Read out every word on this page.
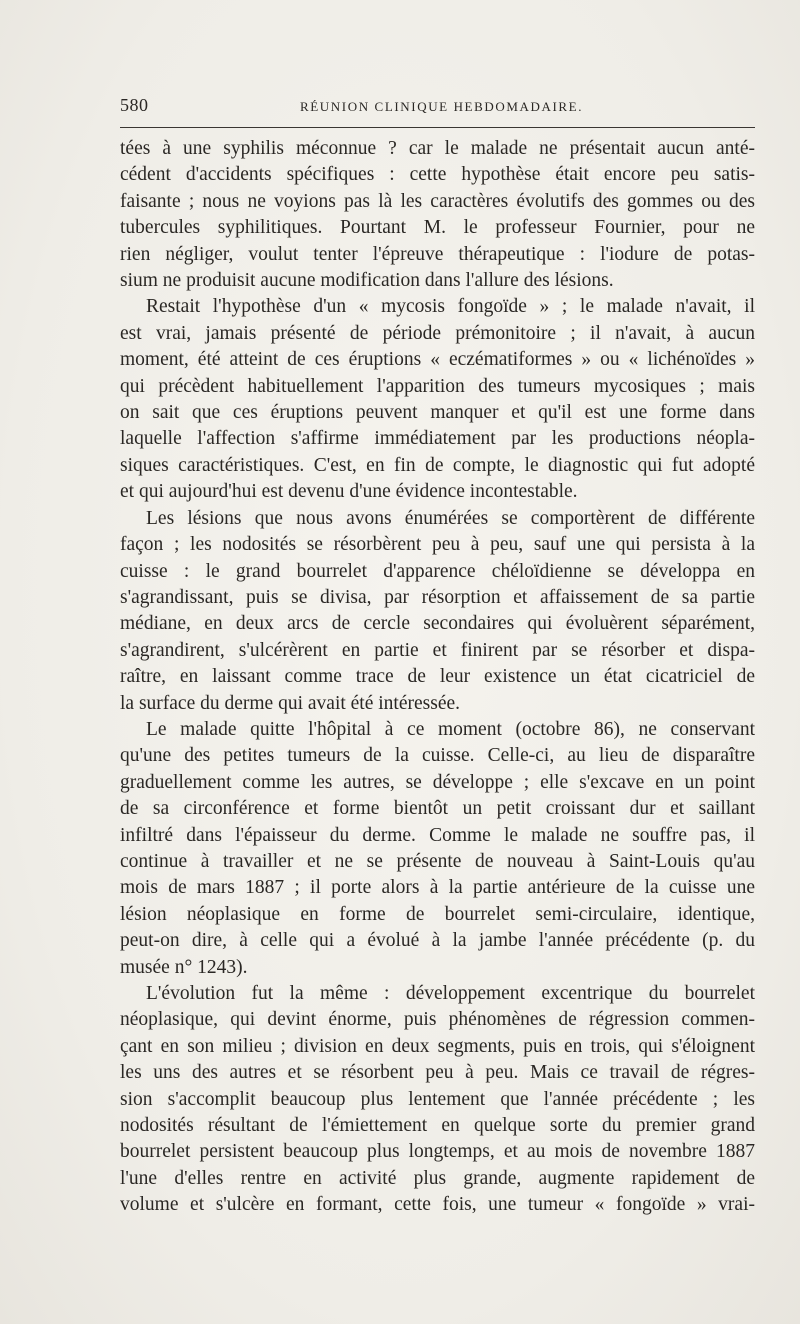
580	RÉUNION CLINIQUE HEBDOMADAIRE.
tées à une syphilis méconnue ? car le malade ne présentait aucun anté-
cédent d'accidents spécifiques : cette hypothèse était encore peu satis-
faisante ; nous ne voyions pas là les caractères évolutifs des gommes ou des
tubercules syphilitiques. Pourtant M. le professeur Fournier, pour ne
rien négliger, voulut tenter l'épreuve thérapeutique : l'iodure de potas-
sium ne produisit aucune modification dans l'allure des lésions.
Restait l'hypothèse d'un « mycosis fongoïde » ; le malade n'avait, il
est vrai, jamais présenté de période prémonitoire ; il n'avait, à aucun
moment, été atteint de ces éruptions « eczématiformes » ou « lichénoïdes »
qui précèdent habituellement l'apparition des tumeurs mycosiques ; mais
on sait que ces éruptions peuvent manquer et qu'il est une forme dans
laquelle l'affection s'affirme immédiatement par les productions néopla-
siques caractéristiques. C'est, en fin de compte, le diagnostic qui fut adopté
et qui aujourd'hui est devenu d'une évidence incontestable.
Les lésions que nous avons énumérées se comportèrent de différente
façon ; les nodosités se résorbèrent peu à peu, sauf une qui persista à la
cuisse : le grand bourrelet d'apparence chéloïdienne se développa en
s'agrandissant, puis se divisa, par résorption et affaissement de sa partie
médiane, en deux arcs de cercle secondaires qui évoluèrent séparément,
s'agrandirent, s'ulcérèrent en partie et finirent par se résorber et dispa-
raître, en laissant comme trace de leur existence un état cicatriciel de
la surface du derme qui avait été intéressée.
Le malade quitte l'hôpital à ce moment (octobre 86), ne conservant
qu'une des petites tumeurs de la cuisse. Celle-ci, au lieu de disparaître
graduellement comme les autres, se développe ; elle s'excave en un point
de sa circonférence et forme bientôt un petit croissant dur et saillant
infiltré dans l'épaisseur du derme. Comme le malade ne souffre pas, il
continue à travailler et ne se présente de nouveau à Saint-Louis qu'au
mois de mars 1887 ; il porte alors à la partie antérieure de la cuisse une
lésion néoplasique en forme de bourrelet semi-circulaire, identique,
peut-on dire, à celle qui a évolué à la jambe l'année précédente (p. du
musée n° 1243).
L'évolution fut la même : développement excentrique du bourrelet
néoplasique, qui devint énorme, puis phénomènes de régression commen-
çant en son milieu ; division en deux segments, puis en trois, qui s'éloignent
les uns des autres et se résorbent peu à peu. Mais ce travail de régres-
sion s'accomplit beaucoup plus lentement que l'année précédente ; les
nodosités résultant de l'émiettement en quelque sorte du premier grand
bourrelet persistent beaucoup plus longtemps, et au mois de novembre 1887
l'une d'elles rentre en activité plus grande, augmente rapidement de
volume et s'ulcère en formant, cette fois, une tumeur « fongoïde » vrai-
